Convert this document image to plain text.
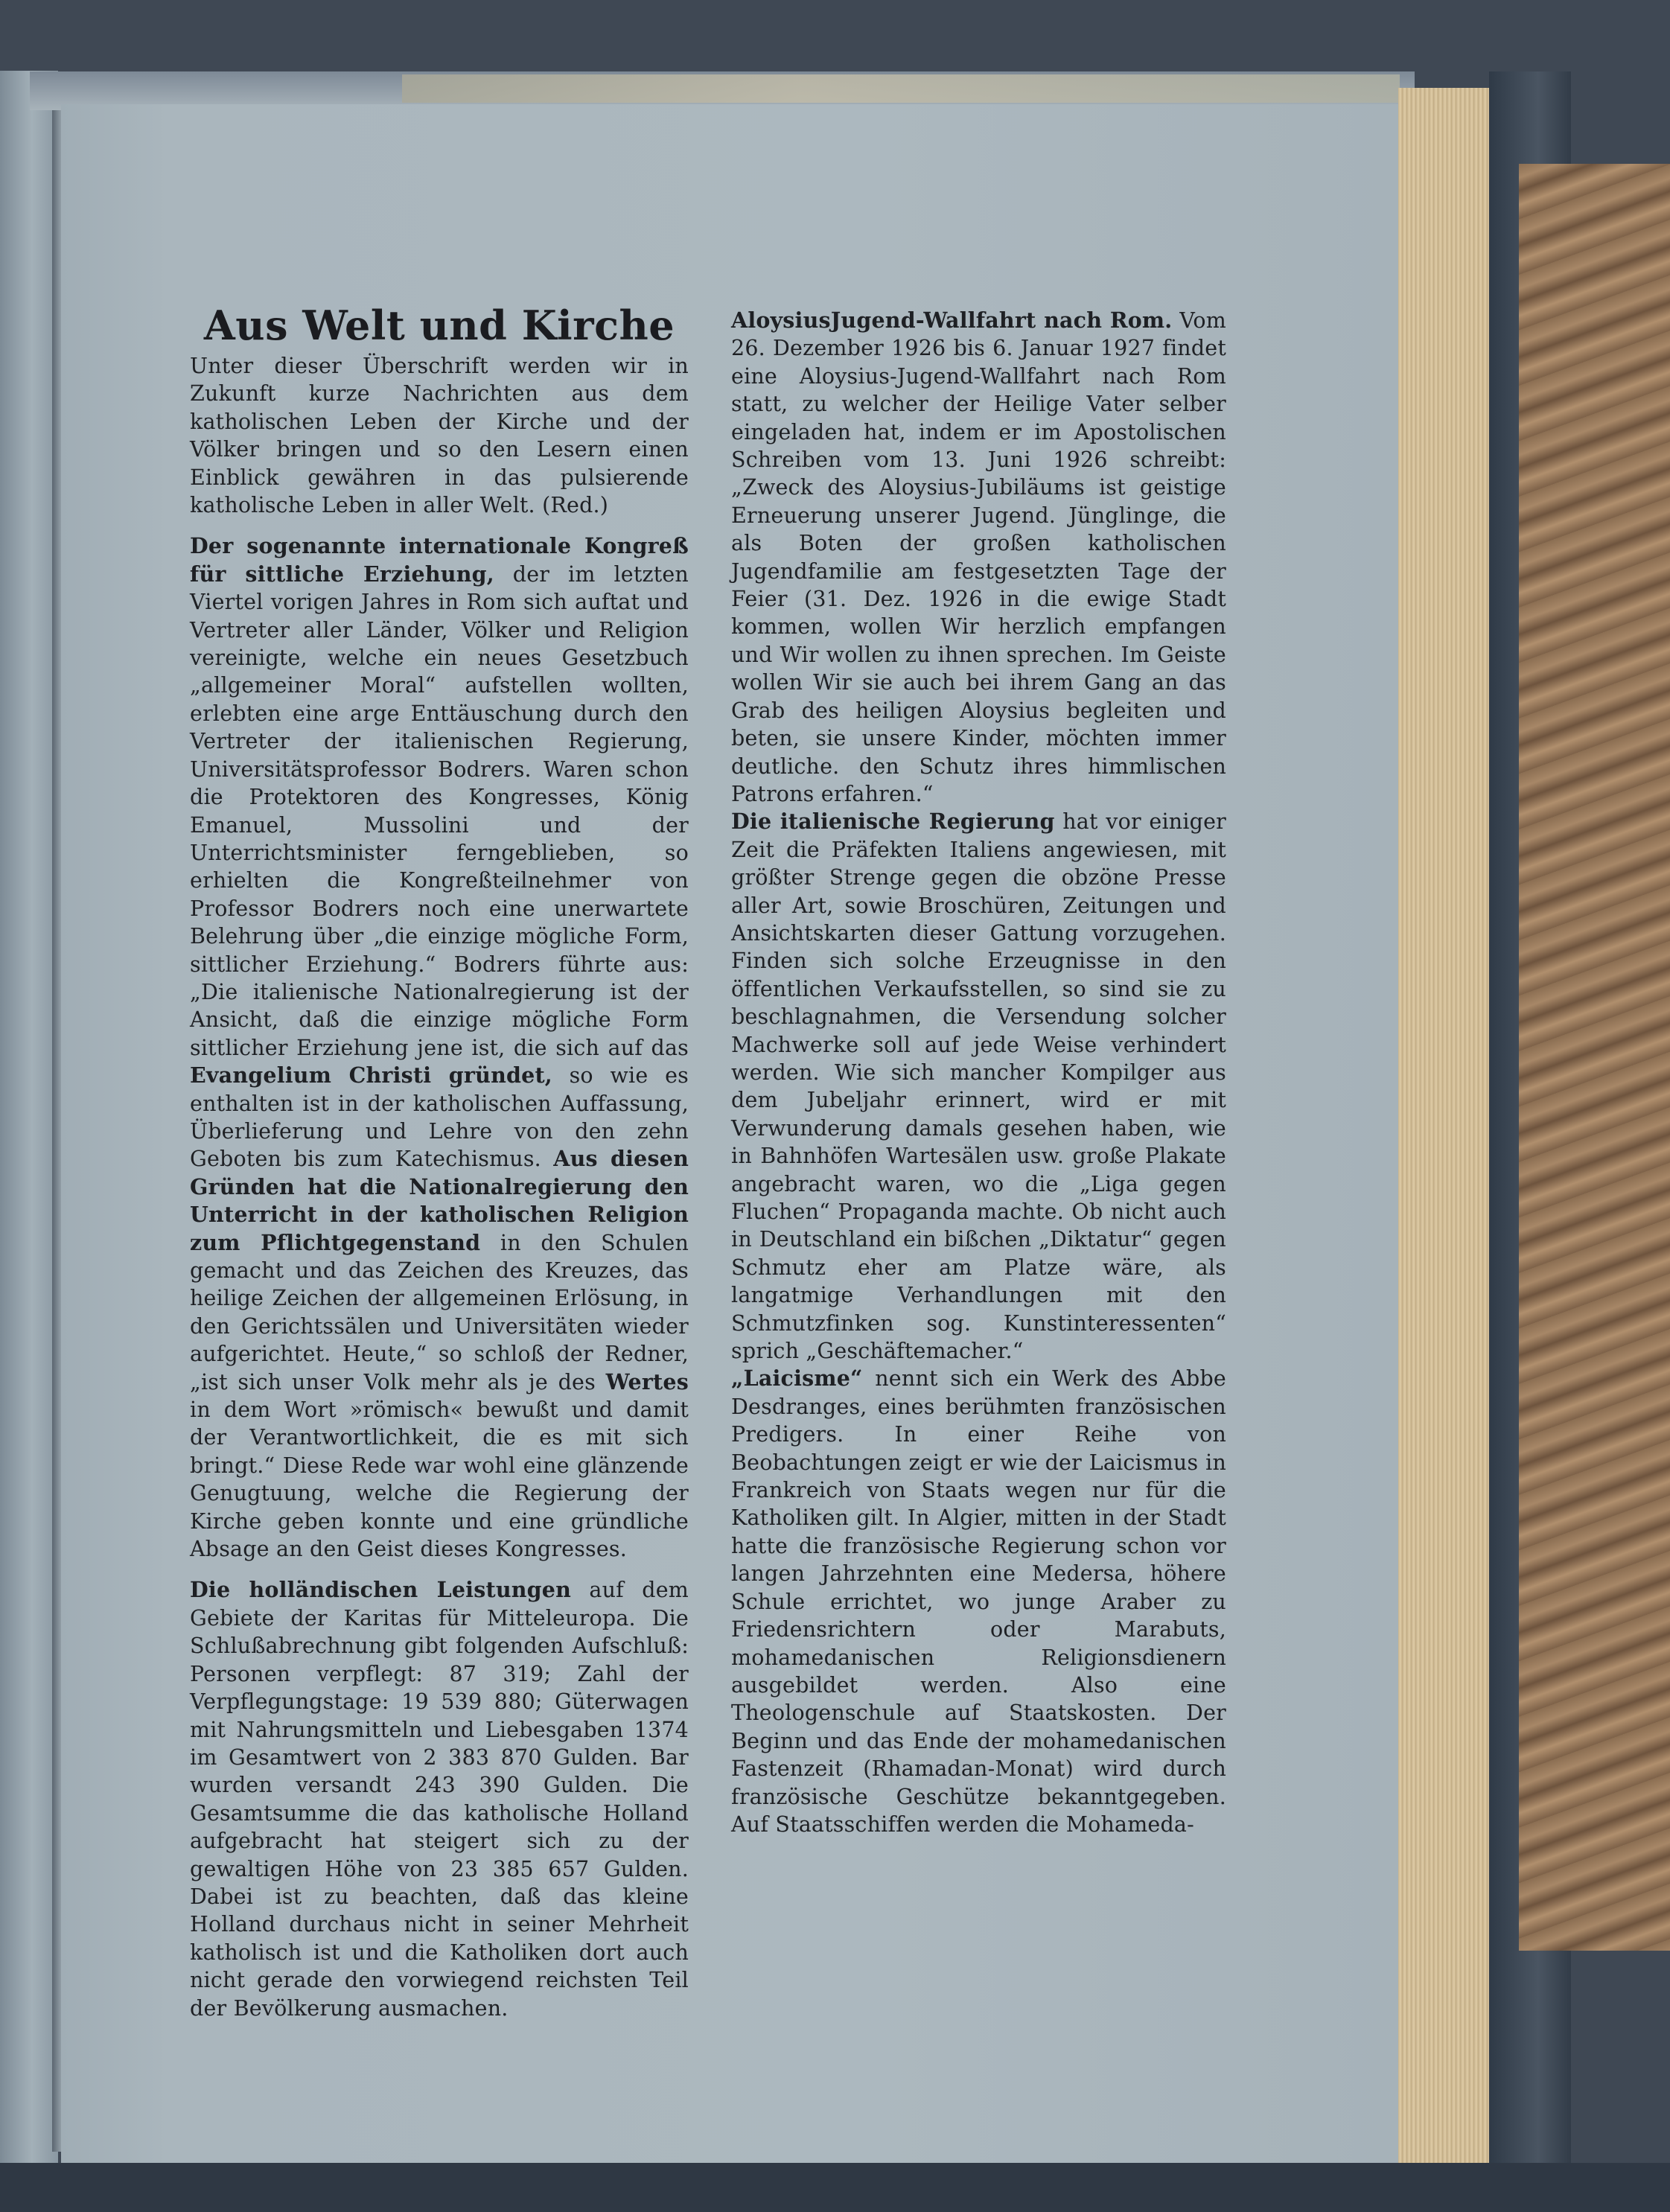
Aus Welt und Kirche

Unter dieser Überschrift werden wir in Zukunft kurze Nachrichten aus dem katholischen Leben der Kirche und der Völker bringen und so den Lesern einen Einblick gewähren in das pulsierende katholische Leben in aller Welt. (Red.)

Der sogenannte internationale Kongreß für sittliche Erziehung, der im letzten Viertel vorigen Jahres in Rom sich auftat und Vertreter aller Länder, Völker und Religion vereinigte, welche ein neues Gesetzbuch „allgemeiner Moral“ aufstellen wollten, erlebten eine arge Enttäuschung durch den Vertreter der italienischen Regierung, Universitätsprofessor Bodrers. Waren schon die Protektoren des Kongresses, König Emanuel, Mussolini und der Unterrichtsminister ferngeblieben, so erhielten die Kongreßteilnehmer von Professor Bodrers noch eine unerwartete Belehrung über „die einzige mögliche Form, sittlicher Erziehung.“ Bodrers führte aus: „Die italienische Nationalregierung ist der Ansicht, daß die einzige mögliche Form sittlicher Erziehung jene ist, die sich auf das Evangelium Christi gründet, so wie es enthalten ist in der katholischen Auffassung, Überlieferung und Lehre von den zehn Geboten bis zum Katechismus. Aus diesen Gründen hat die Nationalregierung den Unterricht in der katholischen Religion zum Pflichtgegenstand in den Schulen gemacht und das Zeichen des Kreuzes, das heilige Zeichen der allgemeinen Erlösung, in den Gerichtssälen und Universitäten wieder aufgerichtet. Heute,“ so schloß der Redner, „ist sich unser Volk mehr als je des Wertes in dem Wort »römisch« bewußt und damit der Verantwortlichkeit, die es mit sich bringt.“ Diese Rede war wohl eine glänzende Genugtuung, welche die Regierung der Kirche geben konnte und eine gründliche Absage an den Geist dieses Kongresses.

Die holländischen Leistungen auf dem Gebiete der Karitas für Mitteleuropa. Die Schlußabrechnung gibt folgenden Aufschluß: Personen verpflegt: 87 319; Zahl der Verpflegungstage: 19 539 880; Güterwagen mit Nahrungsmitteln und Liebesgaben 1374 im Gesamtwert von 2 383 870 Gulden. Bar wurden versandt 243 390 Gulden. Die Gesamtsumme die das katholische Holland aufgebracht hat steigert sich zu der gewaltigen Höhe von 23 385 657 Gulden. Dabei ist zu beachten, daß das kleine Holland durchaus nicht in seiner Mehrheit katholisch ist und die Katholiken dort auch nicht gerade den vorwiegend reichsten Teil der Bevölkerung ausmachen.

AloysiusJugend-Wallfahrt nach Rom. Vom 26. Dezember 1926 bis 6. Januar 1927 findet eine Aloysius-Jugend-Wallfahrt nach Rom statt, zu welcher der Heilige Vater selber eingeladen hat, indem er im Apostolischen Schreiben vom 13. Juni 1926 schreibt: „Zweck des Aloysius-Jubiläums ist geistige Erneuerung unserer Jugend. Jünglinge, die als Boten der großen katholischen Jugendfamilie am festgesetzten Tage der Feier (31. Dez. 1926 in die ewige Stadt kommen, wollen Wir herzlich empfangen und Wir wollen zu ihnen sprechen. Im Geiste wollen Wir sie auch bei ihrem Gang an das Grab des heiligen Aloysius begleiten und beten, sie unsere Kinder, möchten immer deutliche. den Schutz ihres himmlischen Patrons erfahren.“

Die italienische Regierung hat vor einiger Zeit die Präfekten Italiens angewiesen, mit größter Strenge gegen die obzöne Presse aller Art, sowie Broschüren, Zeitungen und Ansichtskarten dieser Gattung vorzugehen. Finden sich solche Erzeugnisse in den öffentlichen Verkaufsstellen, so sind sie zu beschlagnahmen, die Versendung solcher Machwerke soll auf jede Weise verhindert werden. Wie sich mancher Kompilger aus dem Jubeljahr erinnert, wird er mit Verwunderung damals gesehen haben, wie in Bahnhöfen Wartesälen usw. große Plakate angebracht waren, wo die „Liga gegen Fluchen“ Propaganda machte. Ob nicht auch in Deutschland ein bißchen „Diktatur“ gegen Schmutz eher am Platze wäre, als langatmige Verhandlungen mit den Schmutzfinken sog. Kunstinteressenten“ sprich „Geschäftemacher.“

„Laicisme“ nennt sich ein Werk des Abbe Desdranges, eines berühmten französischen Predigers. In einer Reihe von Beobachtungen zeigt er wie der Laicismus in Frankreich von Staats wegen nur für die Katholiken gilt. In Algier, mitten in der Stadt hatte die französische Regierung schon vor langen Jahrzehnten eine Medersa, höhere Schule errichtet, wo junge Araber zu Friedensrichtern oder Marabuts, mohamedanischen Religionsdienern ausgebildet werden. Also eine Theologenschule auf Staatskosten. Der Beginn und das Ende der mohamedanischen Fastenzeit (Rhamadan-Monat) wird durch französische Geschütze bekanntgegeben. Auf Staatsschiffen werden die Mohameda-
